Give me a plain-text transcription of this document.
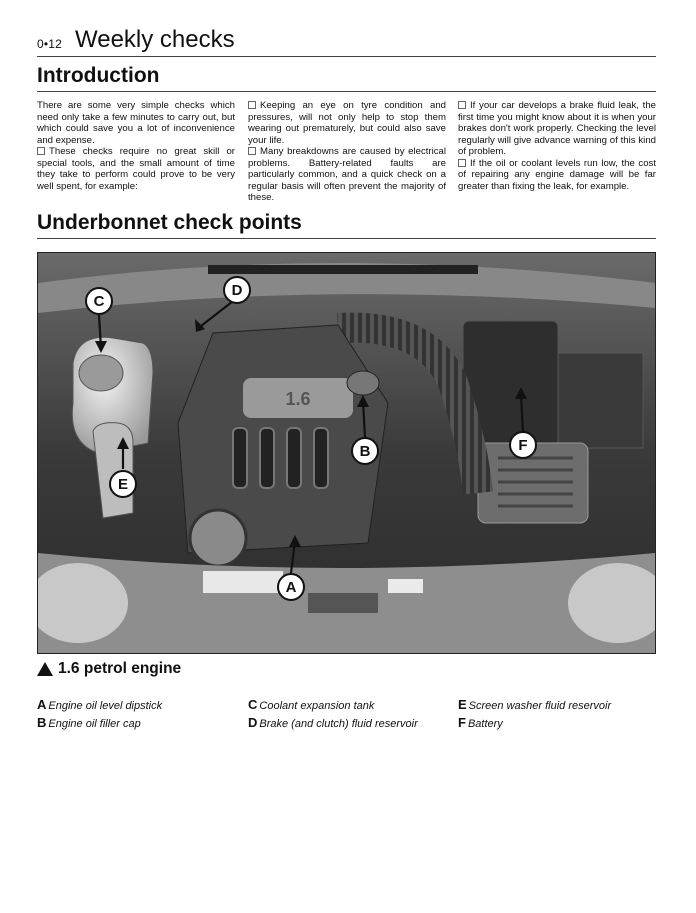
0•12 Weekly checks
Introduction

There are some very simple checks which need only take a few minutes to carry out, but which could save you a lot of inconvenience and expense.

These checks require no great skill or special tools, and the small amount of time they take to perform could prove to be very well spent, for example:

Keeping an eye on tyre condition and pressures, will not only help to stop them wearing out prematurely, but could also save your life.

Many breakdowns are caused by electrical problems. Battery-related faults are particularly common, and a quick check on a regular basis will often prevent the majority of these.

If your car develops a brake fluid leak, the first time you might know about it is when your brakes don't work properly. Checking the level regularly will give advance warning of this kind of problem.

If the oil or coolant levels run low, the cost of repairing any engine damage will be far greater than fixing the leak, for example.

Underbonnet check points
1.6
C
D
E
B
A
F
1.6 petrol engine
A Engine oil level dipstick
B Engine oil filler cap
C Coolant expansion tank
D Brake (and clutch) fluid reservoir
E Screen washer fluid reservoir
F Battery
